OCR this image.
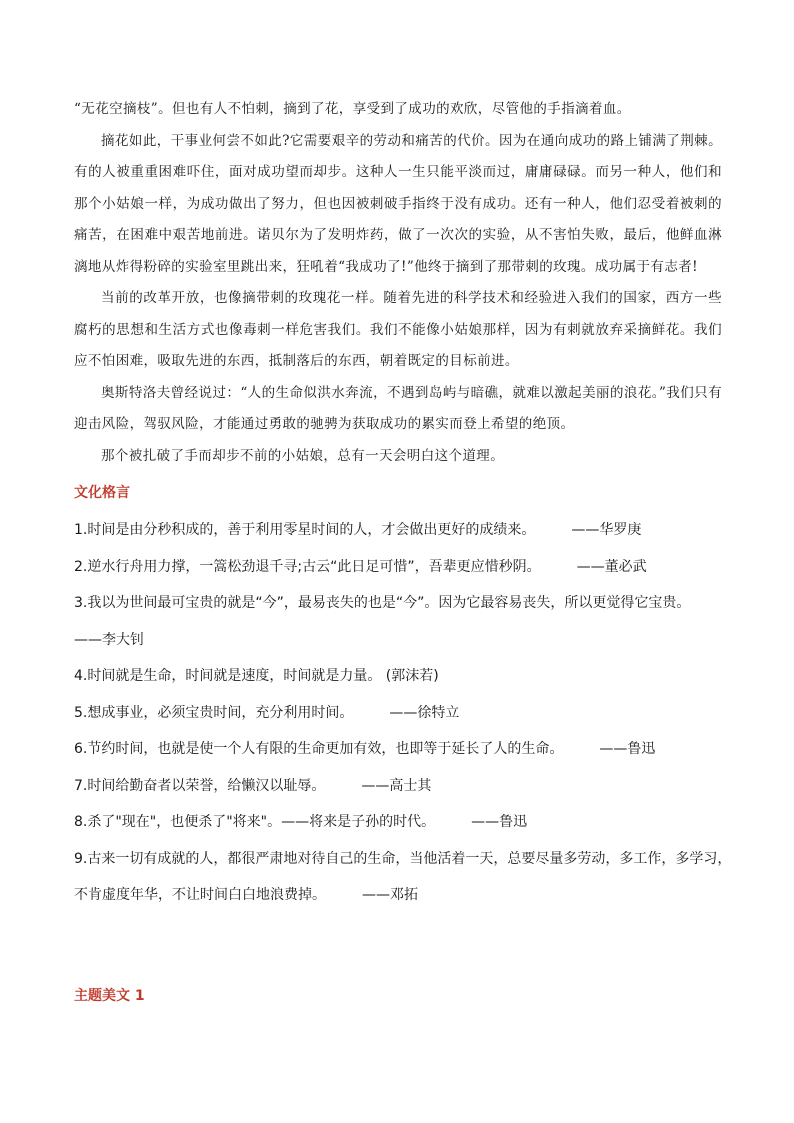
“无花空摘枝”。但也有人不怕刺，摘到了花，享受到了成功的欢欣，尽管他的手指滴着血。

摘花如此，干事业何尝不如此?它需要艰辛的劳动和痛苦的代价。因为在通向成功的路上铺满了荆棘。有的人被重重困难吓住，面对成功望而却步。这种人一生只能平淡而过，庸庸碌碌。而另一种人，他们和那个小姑娘一样，为成功做出了努力，但也因被刺破手指终于没有成功。还有一种人，他们忍受着被刺的痛苦，在困难中艰苦地前进。诺贝尔为了发明炸药，做了一次次的实验，从不害怕失败，最后，他鲜血淋漓地从炸得粉碎的实验室里跳出来，狂吼着“我成功了!”他终于摘到了那带刺的玫瑰。成功属于有志者!

当前的改革开放，也像摘带刺的玫瑰花一样。随着先进的科学技术和经验进入我们的国家，西方一些腐朽的思想和生活方式也像毒刺一样危害我们。我们不能像小姑娘那样，因为有刺就放弃采摘鲜花。我们应不怕困难，吸取先进的东西，抵制落后的东西，朝着既定的目标前进。

奥斯特洛夫曾经说过：“人的生命似洪水奔流，不遇到岛屿与暗礁，就难以激起美丽的浪花。”我们只有迎击风险，驾驭风险，才能通过勇敢的驰骋为获取成功的累实而登上希望的绝顶。

那个被扎破了手而却步不前的小姑娘，总有一天会明白这个道理。

文化格言
1.时间是由分秒积成的，善于利用零星时间的人，才会做出更好的成绩来。	——华罗庚
2.逆水行舟用力撑，一篙松劲退千寻;古云“此日足可惜”，吾辈更应惜秒阴。	——董必武
3.我以为世间最可宝贵的就是“今”，最易丧失的也是“今”。因为它最容易丧失，所以更觉得它宝贵。
——李大钊
4.时间就是生命，时间就是速度，时间就是力量。 (郭沫若)
5.想成事业，必须宝贵时间，充分利用时间。	——徐特立
6.节约时间，也就是使一个人有限的生命更加有效，也即等于延长了人的生命。	——鲁迅
7.时间给勤奋者以荣誉，给懒汉以耻辱。	——高士其
8.杀了"现在"，也便杀了"将来"。——将来是子孙的时代。	——鲁迅
9.古来一切有成就的人，都很严肃地对待自己的生命，当他活着一天，总要尽量多劳动，多工作，多学习，
不肯虚度年华，不让时间白白地浪费掉。	——邓拓
主题美文 1
